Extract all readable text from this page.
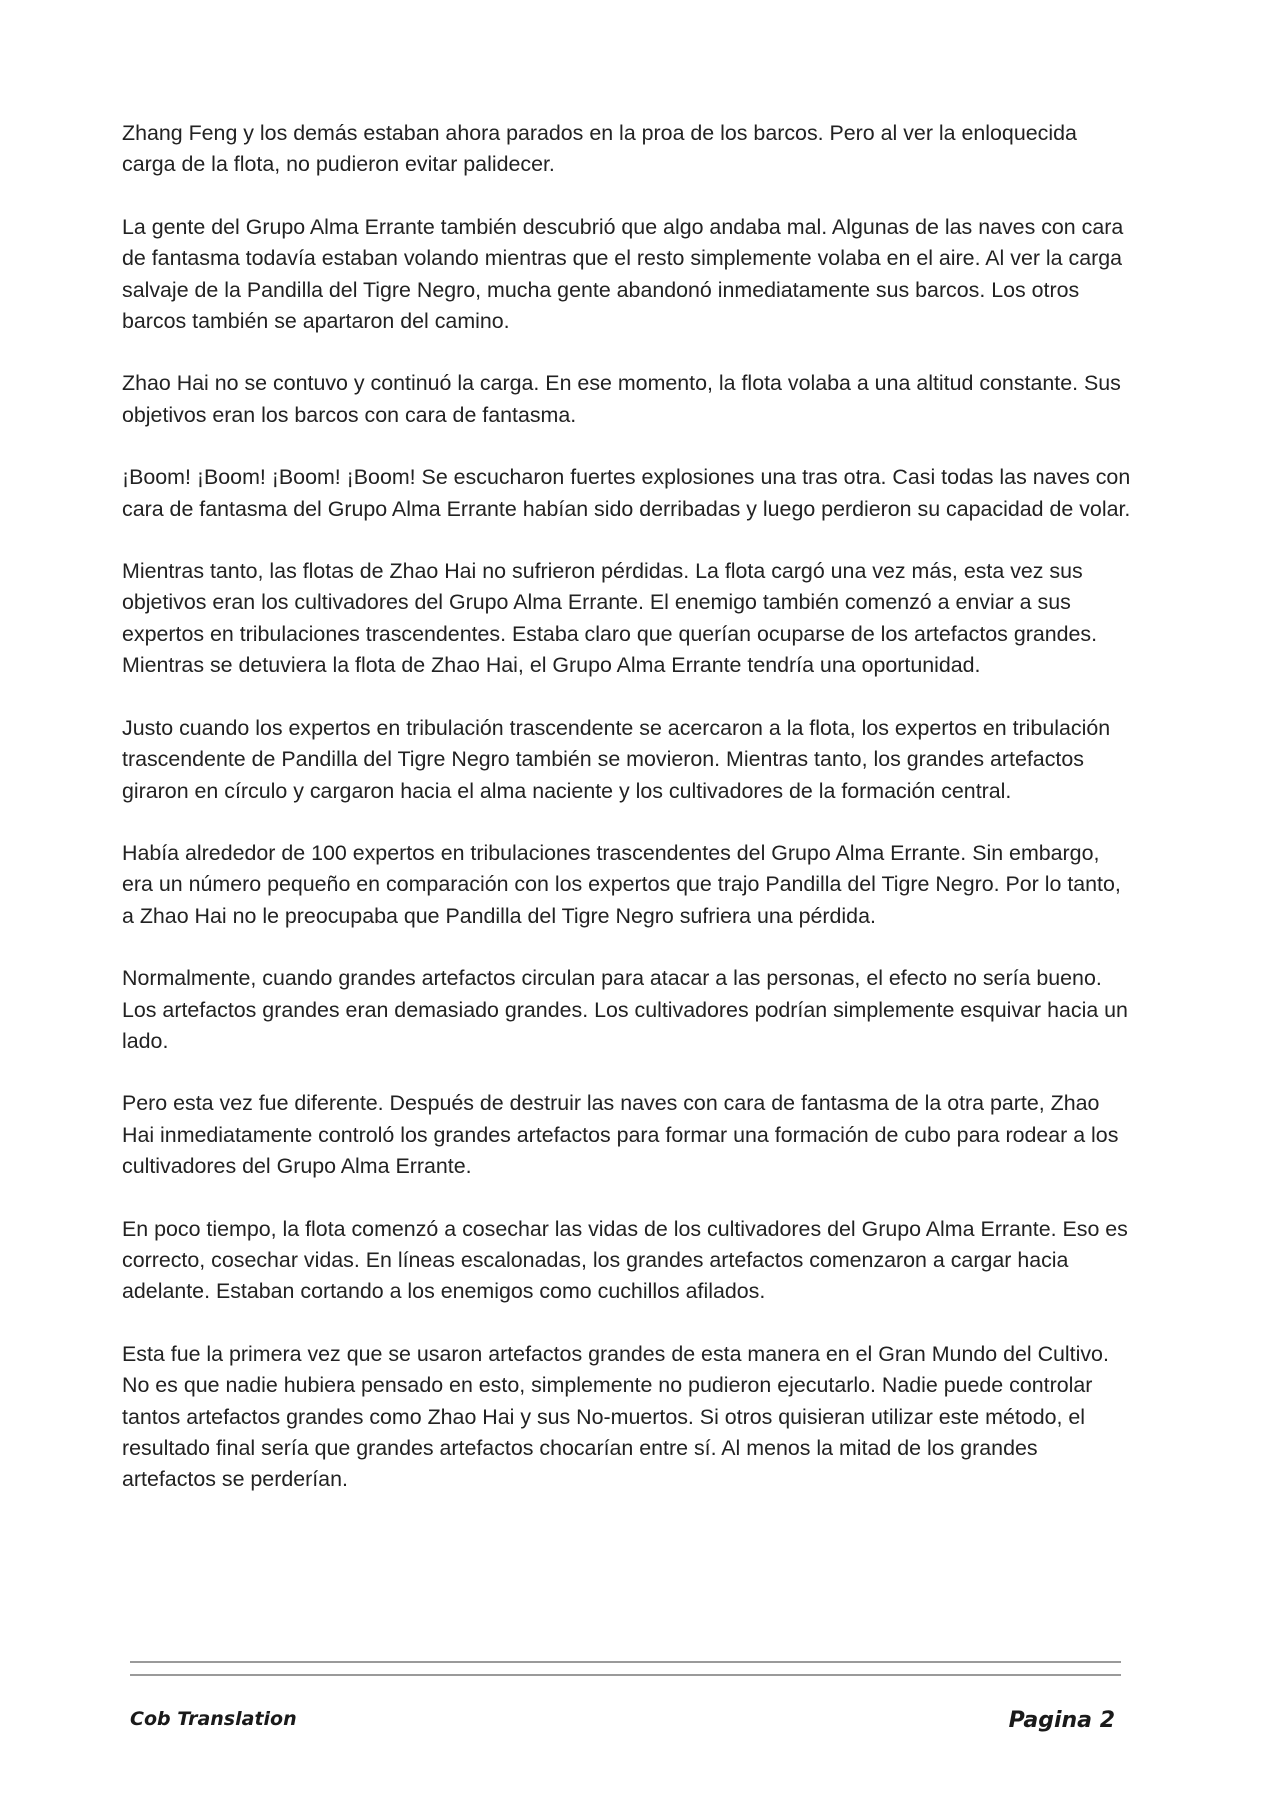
Zhang Feng y los demás estaban ahora parados en la proa de los barcos. Pero al ver la enloquecida carga de la flota, no pudieron evitar palidecer.

La gente del Grupo Alma Errante también descubrió que algo andaba mal. Algunas de las naves con cara de fantasma todavía estaban volando mientras que el resto simplemente volaba en el aire. Al ver la carga salvaje de la Pandilla del Tigre Negro, mucha gente abandonó inmediatamente sus barcos. Los otros barcos también se apartaron del camino.

Zhao Hai no se contuvo y continuó la carga. En ese momento, la flota volaba a una altitud constante. Sus objetivos eran los barcos con cara de fantasma.

¡Boom! ¡Boom! ¡Boom! ¡Boom! Se escucharon fuertes explosiones una tras otra. Casi todas las naves con cara de fantasma del Grupo Alma Errante habían sido derribadas y luego perdieron su capacidad de volar.

Mientras tanto, las flotas de Zhao Hai no sufrieron pérdidas. La flota cargó una vez más, esta vez sus objetivos eran los cultivadores del Grupo Alma Errante. El enemigo también comenzó a enviar a sus expertos en tribulaciones trascendentes. Estaba claro que querían ocuparse de los artefactos grandes. Mientras se detuviera la flota de Zhao Hai, el Grupo Alma Errante tendría una oportunidad.

Justo cuando los expertos en tribulación trascendente se acercaron a la flota, los expertos en tribulación trascendente de Pandilla del Tigre Negro también se movieron. Mientras tanto, los grandes artefactos giraron en círculo y cargaron hacia el alma naciente y los cultivadores de la formación central.

Había alrededor de 100 expertos en tribulaciones trascendentes del Grupo Alma Errante. Sin embargo, era un número pequeño en comparación con los expertos que trajo Pandilla del Tigre Negro. Por lo tanto, a Zhao Hai no le preocupaba que Pandilla del Tigre Negro sufriera una pérdida.

Normalmente, cuando grandes artefactos circulan para atacar a las personas, el efecto no sería bueno. Los artefactos grandes eran demasiado grandes. Los cultivadores podrían simplemente esquivar hacia un lado.

Pero esta vez fue diferente. Después de destruir las naves con cara de fantasma de la otra parte, Zhao Hai inmediatamente controló los grandes artefactos para formar una formación de cubo para rodear a los cultivadores del Grupo Alma Errante.

En poco tiempo, la flota comenzó a cosechar las vidas de los cultivadores del Grupo Alma Errante. Eso es correcto, cosechar vidas. En líneas escalonadas, los grandes artefactos comenzaron a cargar hacia adelante. Estaban cortando a los enemigos como cuchillos afilados.

Esta fue la primera vez que se usaron artefactos grandes de esta manera en el Gran Mundo del Cultivo. No es que nadie hubiera pensado en esto, simplemente no pudieron ejecutarlo. Nadie puede controlar tantos artefactos grandes como Zhao Hai y sus No-muertos. Si otros quisieran utilizar este método, el resultado final sería que grandes artefactos chocarían entre sí. Al menos la mitad de los grandes artefactos se perderían.

Cob Translation	Pagina 2
